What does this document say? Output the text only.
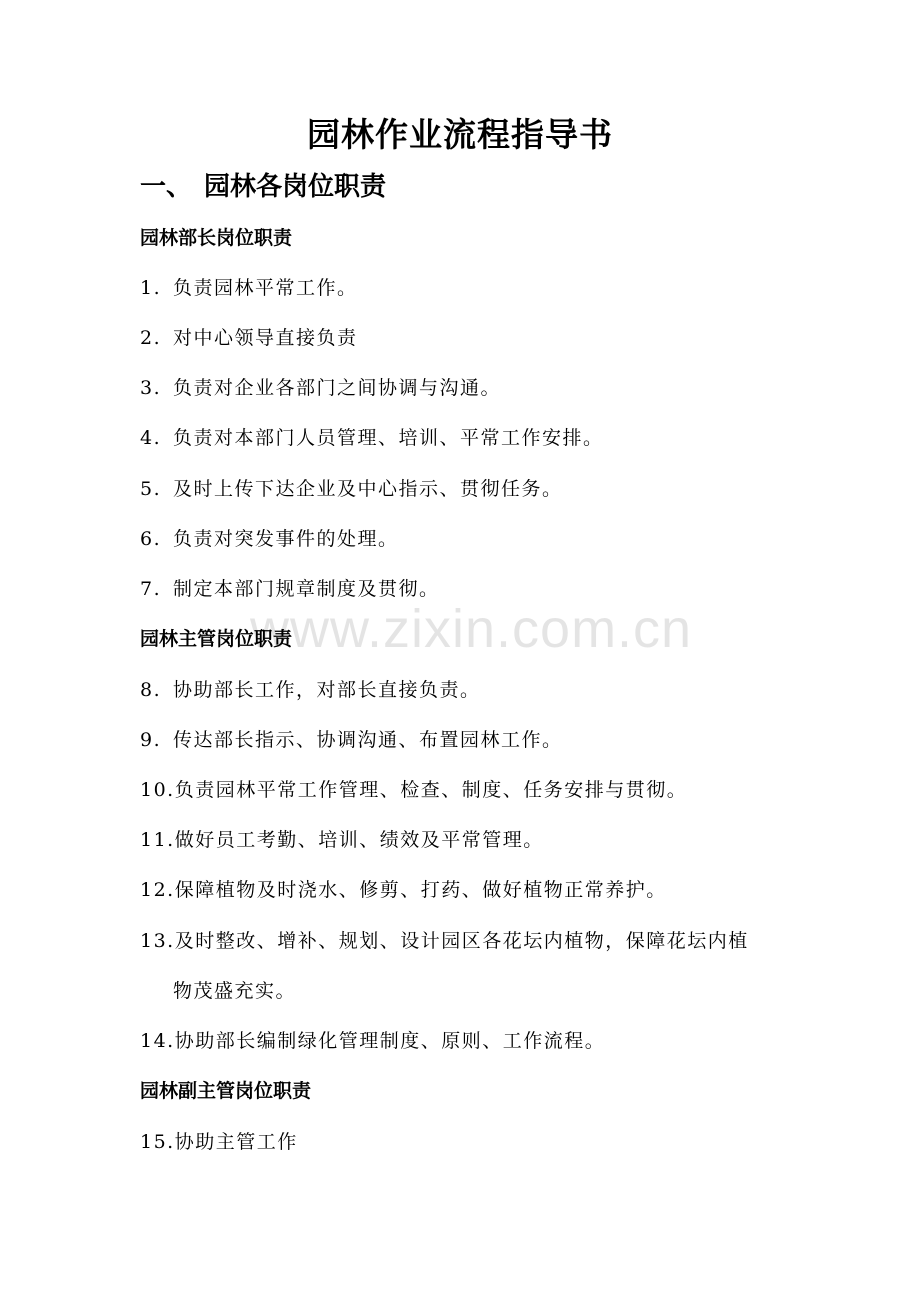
园林作业流程指导书
一、 园林各岗位职责
园林部长岗位职责
1. 负责园林平常工作。
2. 对中心领导直接负责
3. 负责对企业各部门之间协调与沟通。
4. 负责对本部门人员管理、培训、平常工作安排。
5. 及时上传下达企业及中心指示、贯彻任务。
6. 负责对突发事件的处理。
7. 制定本部门规章制度及贯彻。
园林主管岗位职责
8. 协助部长工作，对部长直接负责。
9. 传达部长指示、协调沟通、布置园林工作。
10.负责园林平常工作管理、检查、制度、任务安排与贯彻。
11.做好员工考勤、培训、绩效及平常管理。
12.保障植物及时浇水、修剪、打药、做好植物正常养护。
13.及时整改、增补、规划、设计园区各花坛内植物，保障花坛内植
物茂盛充实。
14.协助部长编制绿化管理制度、原则、工作流程。
园林副主管岗位职责
15.协助主管工作
www.zixin.com.cn
